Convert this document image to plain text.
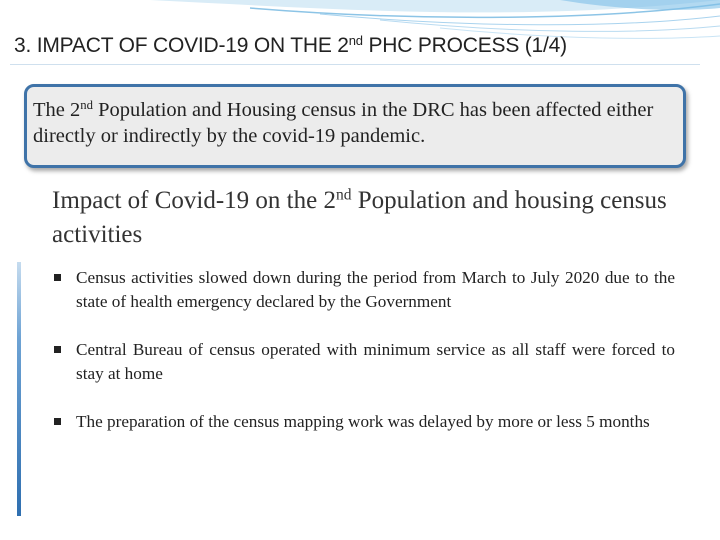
3. IMPACT OF COVID-19 ON THE 2nd PHC PROCESS (1/4)

The 2nd Population and Housing census in the DRC has been affected either directly or indirectly by the covid-19 pandemic.

Impact of Covid-19 on the 2nd Population and housing census activities
Census activities slowed down during the period from March to July 2020 due to the state of health emergency declared by the Government
Central Bureau of census operated with minimum service as all staff were forced to stay at home
The preparation of the census mapping work was delayed by more or less 5 months
